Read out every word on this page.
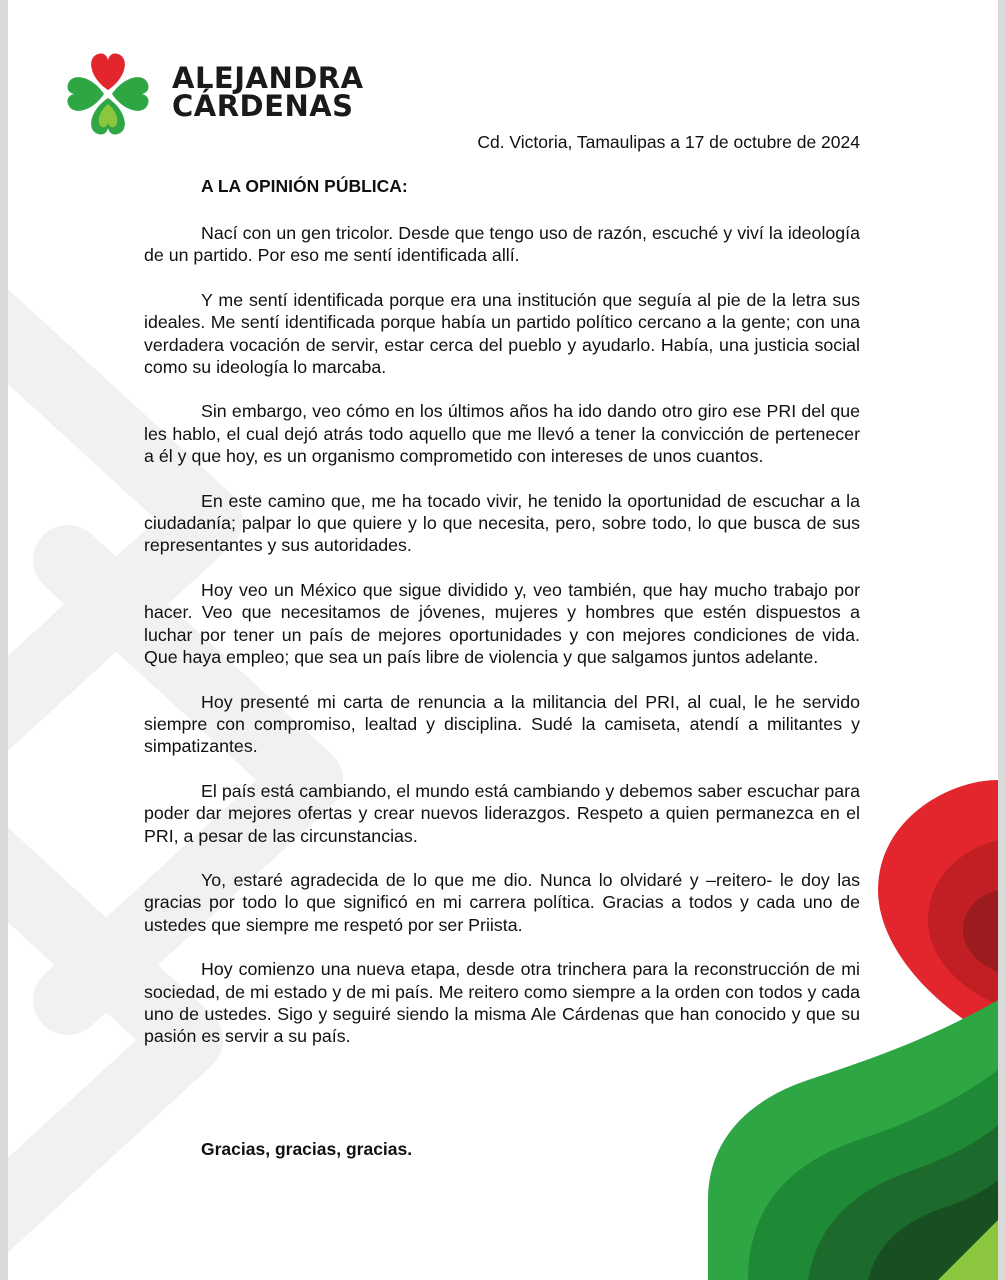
ALEJANDRA
CÁRDENAS
Cd. Victoria, Tamaulipas a 17 de octubre de 2024
A LA OPINIÓN PÚBLICA:

Nací con un gen tricolor. Desde que tengo uso de razón, escuché y viví la ideología de un partido. Por eso me sentí identificada allí.

Y me sentí identificada porque era una institución que seguía al pie de la letra sus ideales. Me sentí identificada porque había un partido político cercano a la gente; con una verdadera vocación de servir, estar cerca del pueblo y ayudarlo. Había, una justicia social como su ideología lo marcaba.

Sin embargo, veo cómo en los últimos años ha ido dando otro giro ese PRI del que les hablo, el cual dejó atrás todo aquello que me llevó a tener la convicción de pertenecer a él y que hoy, es un organismo comprometido con intereses de unos cuantos.

En este camino que, me ha tocado vivir, he tenido la oportunidad de escuchar a la ciudadanía; palpar lo que quiere y lo que necesita, pero, sobre todo, lo que busca de sus representantes y sus autoridades.

Hoy veo un México que sigue dividido y, veo también, que hay mucho trabajo por hacer. Veo que necesitamos de jóvenes, mujeres y hombres que estén dispuestos a luchar por tener un país de mejores oportunidades y con mejores condiciones de vida. Que haya empleo; que sea un país libre de violencia y que salgamos juntos adelante.

Hoy presenté mi carta de renuncia a la militancia del PRI, al cual, le he servido siempre con compromiso, lealtad y disciplina. Sudé la camiseta, atendí a militantes y simpatizantes.

El país está cambiando, el mundo está cambiando y debemos saber escuchar para poder dar mejores ofertas y crear nuevos liderazgos. Respeto a quien permanezca en el PRI, a pesar de las circunstancias.

Yo, estaré agradecida de lo que me dio. Nunca lo olvidaré y –reitero- le doy las gracias por todo lo que significó en mi carrera política. Gracias a todos y cada uno de ustedes que siempre me respetó por ser Priista.

Hoy comienzo una nueva etapa, desde otra trinchera para la reconstrucción de mi sociedad, de mi estado y de mi país. Me reitero como siempre a la orden con todos y cada uno de ustedes. Sigo y seguiré siendo la misma Ale Cárdenas que han conocido y que su pasión es servir a su país.

Gracias, gracias, gracias.
